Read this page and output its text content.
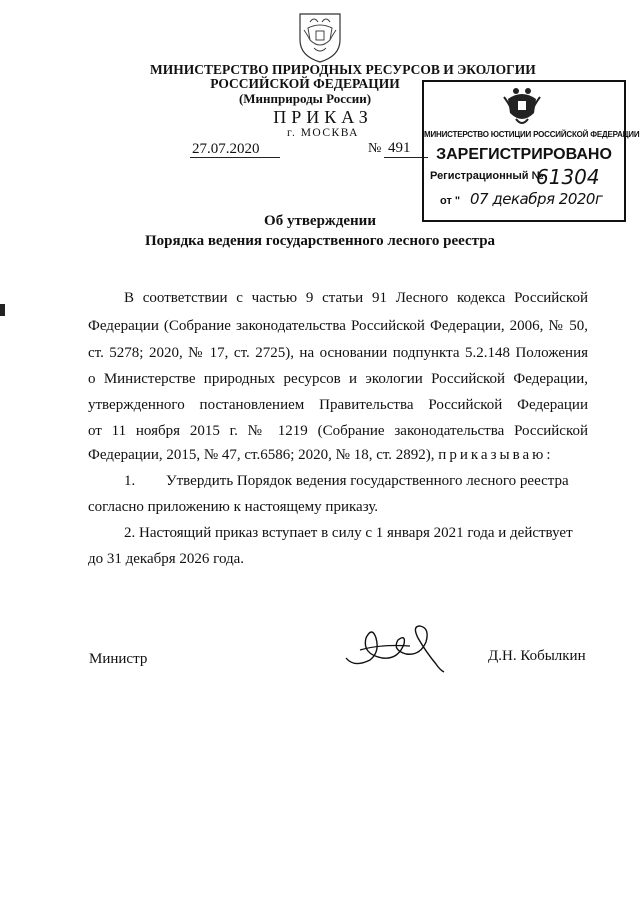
МИНИСТЕРСТВО ПРИРОДНЫХ РЕСУРСОВ И ЭКОЛОГИИ
РОССИЙСКОЙ ФЕДЕРАЦИИ
(Минприроды России)
ПРИКАЗ
г. МОСКВА
27.07.2020	№ 491
МИНИСТЕРСТВО ЮСТИЦИИ РОССИЙСКОЙ ФЕДЕРАЦИИ
ЗАРЕГИСТРИРОВАНО
Регистрационный №
61304
от " 07 декабря 2020г
Об утверждении
Порядка ведения государственного лесного реестра
В соответствии с частью 9 статьи 91 Лесного кодекса Российской
Федерации (Собрание законодательства Российской Федерации, 2006, № 50,
ст. 5278; 2020, № 17, ст. 2725), на основании подпункта 5.2.148 Положения
о Министерстве природных ресурсов и экологии Российской Федерации,
утвержденного постановлением Правительства Российской Федерации
от 11 ноября 2015 г. № 1219 (Собрание законодательства Российской
Федерации, 2015, № 47, ст.6586; 2020, № 18, ст. 2892), приказываю:
1. Утвердить Порядок ведения государственного лесного реестра
согласно приложению к настоящему приказу.
2. Настоящий приказ вступает в силу с 1 января 2021 года и действует
до 31 декабря 2026 года.
Министр	Д.Н. Кобылкин
